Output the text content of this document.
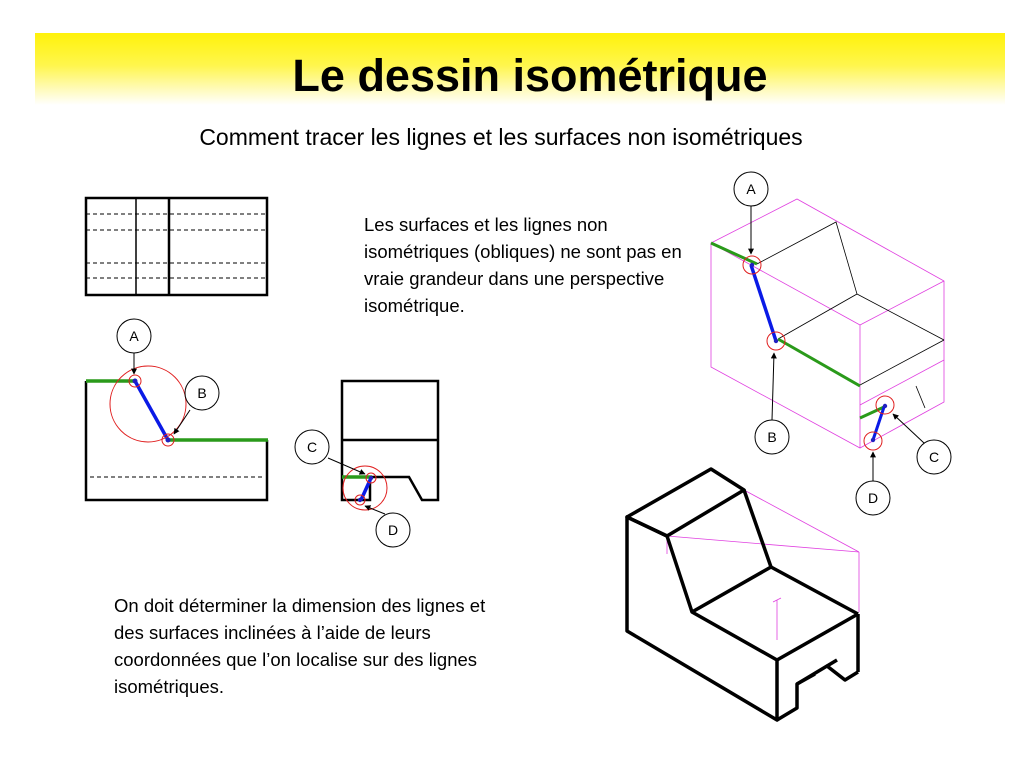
Le dessin isométrique

Comment tracer les lignes et les surfaces non isométriques

Les surfaces et les lignes non isométriques (obliques) ne sont pas en vraie grandeur dans une perspective isométrique.

On doit déterminer la dimension des lignes et des surfaces inclinées à l’aide de leurs coordonnées que l’on localise sur des lignes isométriques.

A
B
C
D
A
B
C
D
